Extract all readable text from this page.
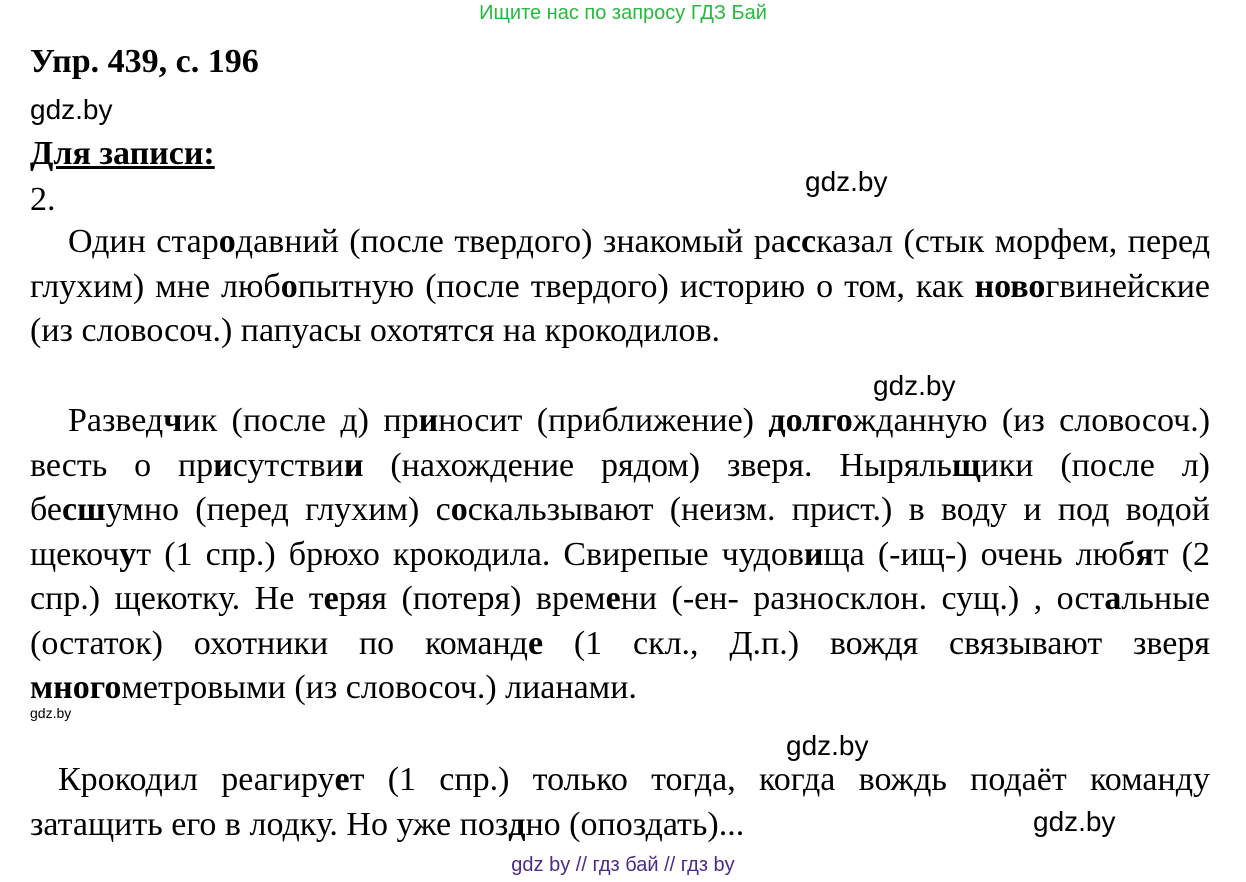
Ищите нас по запросу ГДЗ Бай
Упр. 439, с. 196
gdz.by
Для записи:
gdz.by
2.

Один стародавний (после твердого) знакомый рассказал (стык морфем, перед глухим) мне любопытную (после твердого) историю о том, как новогвинейские (из словосоч.) папуасы охотятся на крокодилов.

gdz.by

Разведчик (после д) приносит (приближение) долгожданную (из словосоч.) весть о присутствии (нахождение рядом) зверя. Ныряльщики (после л) бесшумно (перед глухим) соскальзывают (неизм. прист.) в воду и под водой щекочут (1 спр.) брюхо крокодила. Свирепые чудовища (-ищ-) очень любят (2 спр.) щекотку. Не теряя (потеря) времени (-ен- разносклон. сущ.) , остальные (остаток) охотники по команде (1 скл., Д.п.) вождя связывают зверя многометровыми (из словосоч.) лианами.

gdz.by
gdz.by

Крокодил реагирует (1 спр.) только тогда, когда вождь подаёт команду затащить его в лодку. Но уже поздно (опоздать)...	gdz.by
gdz by // гдз бай // гдз by
